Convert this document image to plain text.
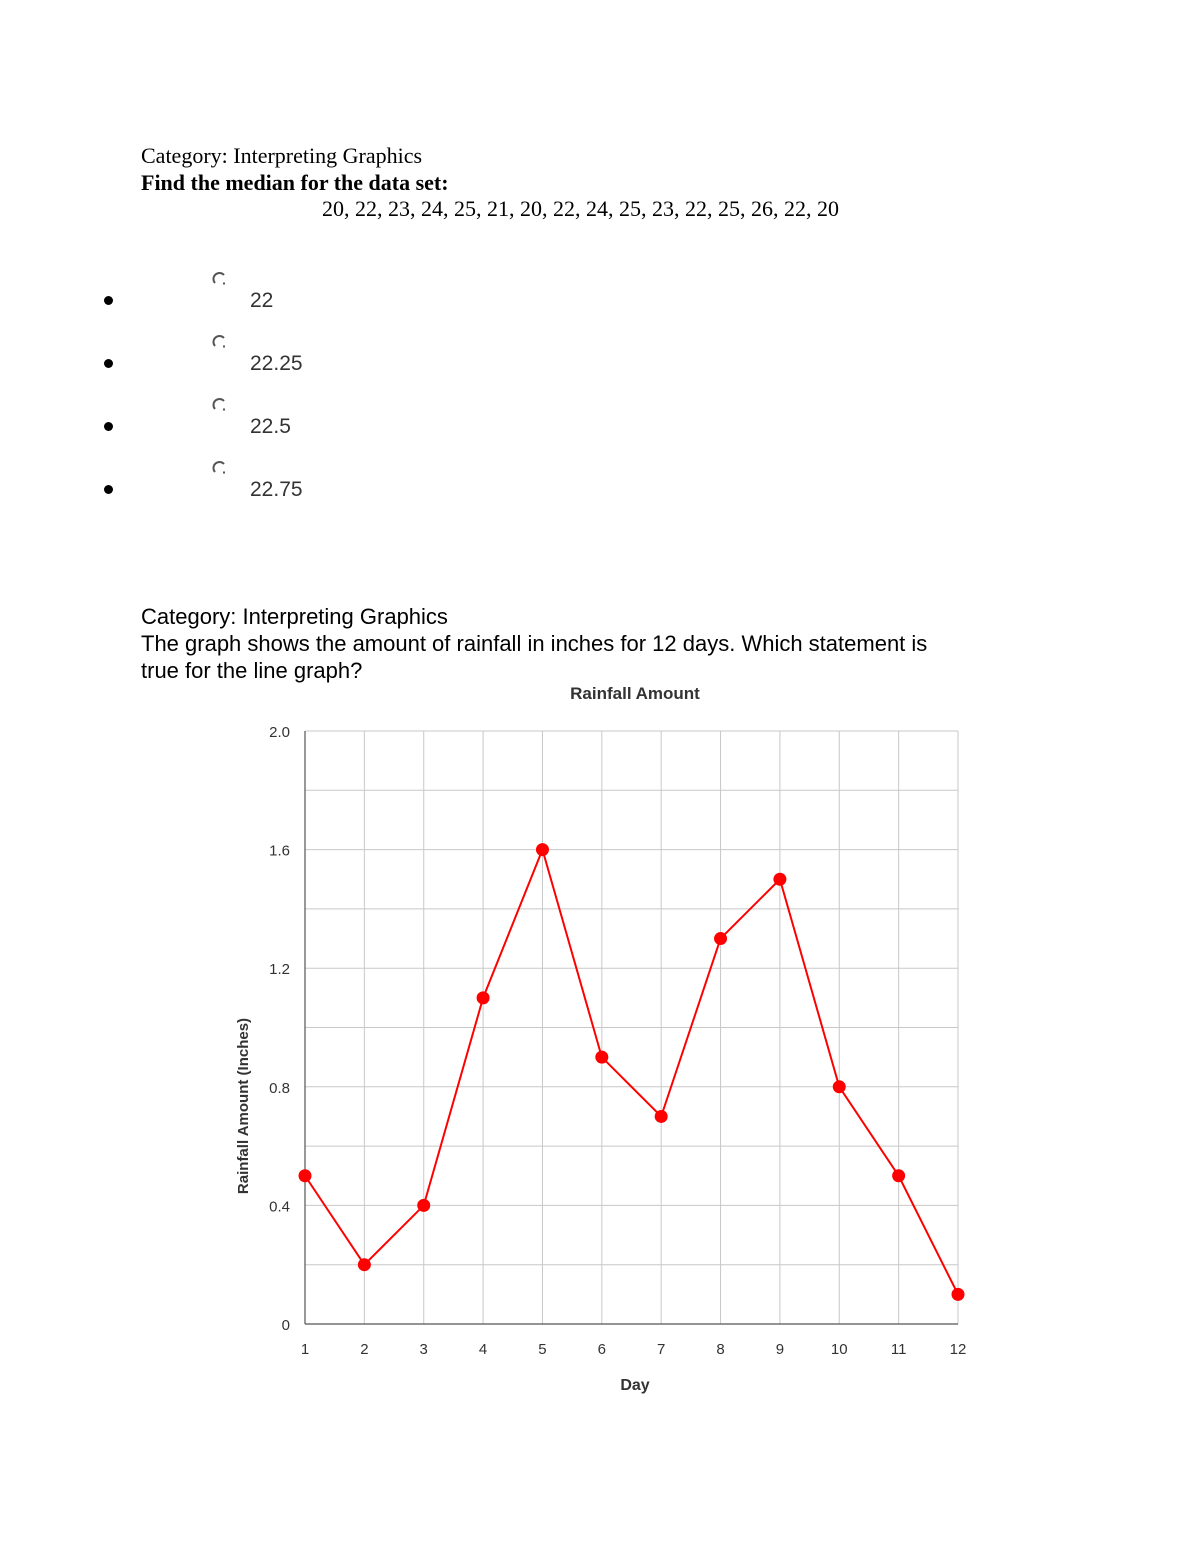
Category: Interpreting Graphics
Find the median for the data set:
20, 22, 23, 24, 25, 21, 20, 22, 24, 25, 23, 22, 25, 26, 22, 20
22
22.25
22.5
22.75
Category: Interpreting Graphics
The graph shows the amount of rainfall in inches for 12 days. Which statement is
true for the line graph?
Rainfall Amount
0
0.4
0.8
1.2
1.6
2.0
1	2	3	4	5	6	7	8	9	10	11	12
Day
Rainfall Amount (Inches)
